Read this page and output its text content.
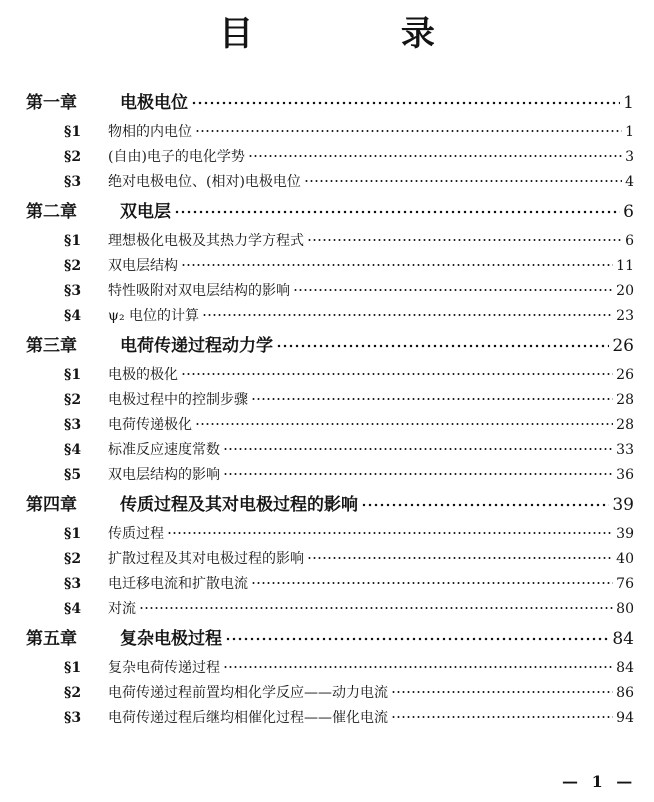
目 录
第一章	电极电位	1
§1	物相的内电位	1
§2	(自由)电子的电化学势	3
§3	绝对电极电位、(相对)电极电位	4
第二章	双电层	6
§1	理想极化电极及其热力学方程式	6
§2	双电层结构	11
§3	特性吸附对双电层结构的影响	20
§4	ψ₂ 电位的计算	23
第三章	电荷传递过程动力学	26
§1	电极的极化	26
§2	电极过程中的控制步骤	28
§3	电荷传递极化	28
§4	标准反应速度常数	33
§5	双电层结构的影响	36
第四章	传质过程及其对电极过程的影响	39
§1	传质过程	39
§2	扩散过程及其对电极过程的影响	40
§3	电迁移电流和扩散电流	76
§4	对流	80
第五章	复杂电极过程	84
§1	复杂电荷传递过程	84
§2	电荷传递过程前置均相化学反应——动力电流	86
§3	电荷传递过程后继均相催化过程——催化电流	94
— 1 —
